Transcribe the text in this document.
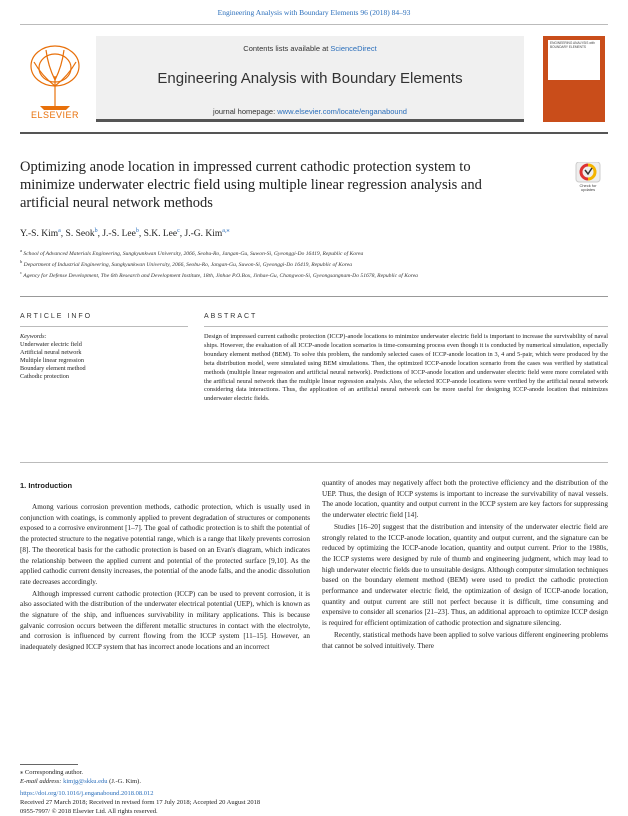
Engineering Analysis with Boundary Elements 96 (2018) 84–93
ELSEVIER
Contents lists available at ScienceDirect
Engineering Analysis with Boundary Elements
journal homepage: www.elsevier.com/locate/enganabound
ENGINEERING ANALYSIS with BOUNDARY ELEMENTS
Optimizing anode location in impressed current cathodic protection system to minimize underwater electric field using multiple linear regression analysis and artificial neural network methods
Check for updates
Y.-S. Kim$^a$, S. Seok$^b$, J.-S. Lee$^b$, S.K. Lee$^c$, J.-G. Kim$^{a,⁎}$
$^a$ School of Advanced Materials Engineering, Sungkyunkwan University, 2066, Seobu-Ro, Jangan-Gu, Suwon-Si, Gyeonggi-Do 16419, Republic of Korea
$^b$ Department of Industrial Engineering, Sungkyunkwan University, 2066, Seobu-Ro, Jangan-Gu, Suwon-Si, Gyeonggi-Do 16419, Republic of Korea
$^c$ Agency for Defense Development, The 6th Research and Development Institute, 18th, Jinhae P.O.Box, Jinhae-Gu, Changwon-Si, Gyeongsangnam-Do 51678, Republic of Korea
ARTICLE INFO	ABSTRACT
Keywords:
Underwater electric field
Artificial neural network
Multiple linear regression
Boundary element method
Cathodic protection
Design of impressed current cathodic protection (ICCP)-anode locations to minimize underwater electric field is important to increase the survivability of naval ships. However, the evaluation of all ICCP-anode location scenarios is time-consuming process even though it is conducted by numerical simulation, especially boundary element method (BEM). To solve this problem, the randomly selected cases of ICCP-anode location in 3, 4 and 5-pair, which were produced by the beta distribution model, were simulated using BEM simulations. Then, the optimized ICCP-anode location scenario from the cases was verified by statistical methods (multiple linear regression and artificial neural network). Predictions of ICCP-anode location and underwater electric field were more correlated with the artificial neural network than the multiple linear regression analysis. Also, the selected ICCP-anode locations were verified by the artificial neural network considering data interactions. Thus, the application of an artificial neural network can be more useful for designing ICCP-anode location that minimizes underwater electric fields.
1. Introduction

Among various corrosion prevention methods, cathodic protection, which is usually used in conjunction with coatings, is commonly applied to prevent degradation of structures or components exposed to a corrosive environment [1–7]. The goal of cathodic protection is to shift the potential of the protected structure to the negative potential range, which is a range that likely prevents corrosion [8]. The theoretical basis for the cathodic protection is based on an Evan's diagram, which indicates the relationship between the applied current and potential of the protected surface [9,10]. As the applied cathodic current density increases, the potential of the anode falls, and the anodic dissolution rate decreases accordingly.

Although impressed current cathodic protection (ICCP) can be used to prevent corrosion, it is also associated with the distribution of the underwater electrical potential (UEP), which is known as the signature of the ship, and influences survivability in military applications. This is because galvanic corrosion occurs between the different metallic structures in contact with the electrolyte, and corrosion is influenced by current flowing from the ICCP system [11–15]. However, an inadequately designed ICCP system that has incorrect anode locations and an incorrect

quantity of anodes may negatively affect both the protective efficiency and the distribution of the UEP. Thus, the design of ICCP systems is important to increase the survivability of naval vessels. The anode location, quantity and output current in the ICCP system are key factors for suppressing the underwater electric field [14].

Studies [16–20] suggest that the distribution and intensity of the underwater electric field are strongly related to the ICCP-anode location, quantity and output current, and the signature can be reduced by optimizing the ICCP-anode location, quantity and output current. Prior to the 1980s, the ICCP systems were designed by rule of thumb and engineering judgment, which may lead to high underwater electric fields due to unsuitable designs. Although computer simulation techniques based on the boundary element method (BEM) were used to predict the cathodic protection performance and underwater electric field, the optimization of design of ICCP-anode location, quantity and output current are still not perfect because it is difficult, time consuming and expensive to consider all scenarios [21–23]. Thus, an additional approach to optimize ICCP design is required for efficient optimization of cathodic protection and signature silencing.

Recently, statistical methods have been applied to solve various different engineering problems that cannot be solved intuitively. There

⁎ Corresponding author.
E-mail address: kimjg@skku.edu (J.-G. Kim).
https://doi.org/10.1016/j.enganabound.2018.08.012
Received 27 March 2018; Received in revised form 17 July 2018; Accepted 20 August 2018
0955-7997/ © 2018 Elsevier Ltd. All rights reserved.
